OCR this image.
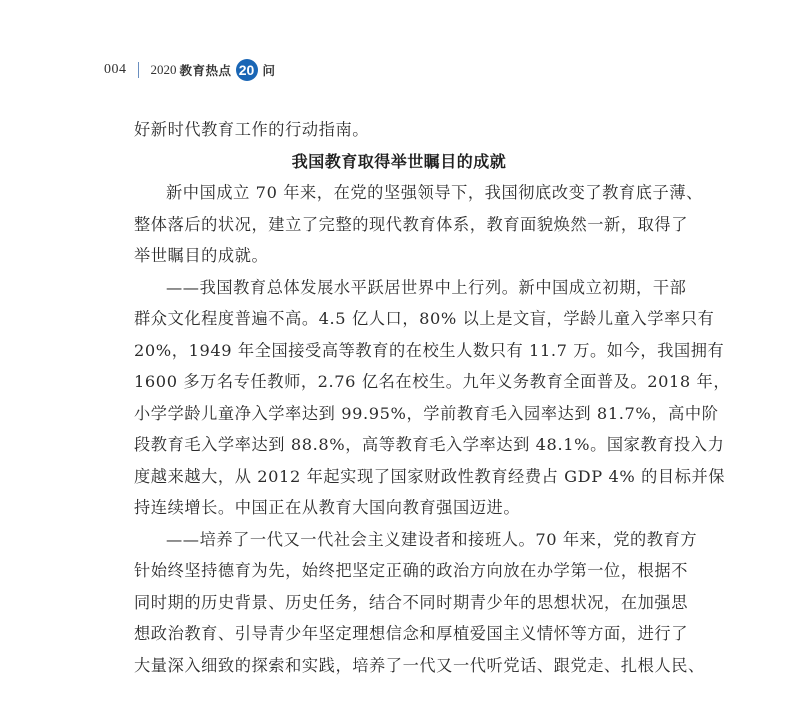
004 2020 教育热点 20 问
好新时代教育工作的行动指南。
我国教育取得举世瞩目的成就
新中国成立 70 年来，在党的坚强领导下，我国彻底改变了教育底子薄、
整体落后的状况，建立了完整的现代教育体系，教育面貌焕然一新，取得了
举世瞩目的成就。
——我国教育总体发展水平跃居世界中上行列。新中国成立初期，干部
群众文化程度普遍不高。4.5 亿人口，80% 以上是文盲，学龄儿童入学率只有
20%，1949 年全国接受高等教育的在校生人数只有 11.7 万。如今，我国拥有
1600 多万名专任教师，2.76 亿名在校生。九年义务教育全面普及。2018 年，
小学学龄儿童净入学率达到 99.95%，学前教育毛入园率达到 81.7%，高中阶
段教育毛入学率达到 88.8%，高等教育毛入学率达到 48.1%。国家教育投入力
度越来越大，从 2012 年起实现了国家财政性教育经费占 GDP 4% 的目标并保
持连续增长。中国正在从教育大国向教育强国迈进。
——培养了一代又一代社会主义建设者和接班人。70 年来，党的教育方
针始终坚持德育为先，始终把坚定正确的政治方向放在办学第一位，根据不
同时期的历史背景、历史任务，结合不同时期青少年的思想状况，在加强思
想政治教育、引导青少年坚定理想信念和厚植爱国主义情怀等方面，进行了
大量深入细致的探索和实践，培养了一代又一代听党话、跟党走、扎根人民、
